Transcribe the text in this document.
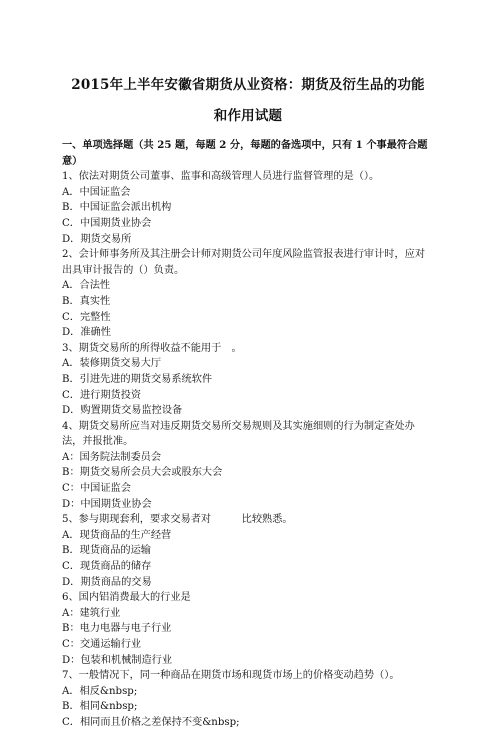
2015年上半年安徽省期货从业资格：期货及衍生品的功能
和作用试题

一、单项选择题（共 25 题，每题 2 分，每题的备选项中，只有 1 个事最符合题意）

1、依法对期货公司董事、监事和高级管理人员进行监督管理的是（）。

A．中国证监会

B．中国证监会派出机构

C．中国期货业协会

D．期货交易所

2、会计师事务所及其注册会计师对期货公司年度风险监管报表进行审计时，应对出具审计报告的（）负责。

A．合法性

B．真实性

C．完整性

D．准确性

3、期货交易所的所得收益不能用于　。

A．装修期货交易大厅

B．引进先进的期货交易系统软件

C．进行期货投资

D．购置期货交易监控设备

4、期货交易所应当对违反期货交易所交易规则及其实施细则的行为制定查处办法，并报批准。

A：国务院法制委员会

B：期货交易所会员大会或股东大会

C：中国证监会

D：中国期货业协会

5、参与期现套利，要求交易者对　　　比较熟悉。

A．现货商品的生产经营

B．现货商品的运输

C．现货商品的储存

D．期货商品的交易

6、国内铝消费最大的行业是

A：建筑行业

B：电力电器与电子行业

C：交通运输行业

D：包装和机械制造行业

7、一般情况下，同一种商品在期货市场和现货市场上的价格变动趋势（）。

A．相反&nbsp;

B．相同&nbsp;

C．相同而且价格之差保持不变&nbsp;
